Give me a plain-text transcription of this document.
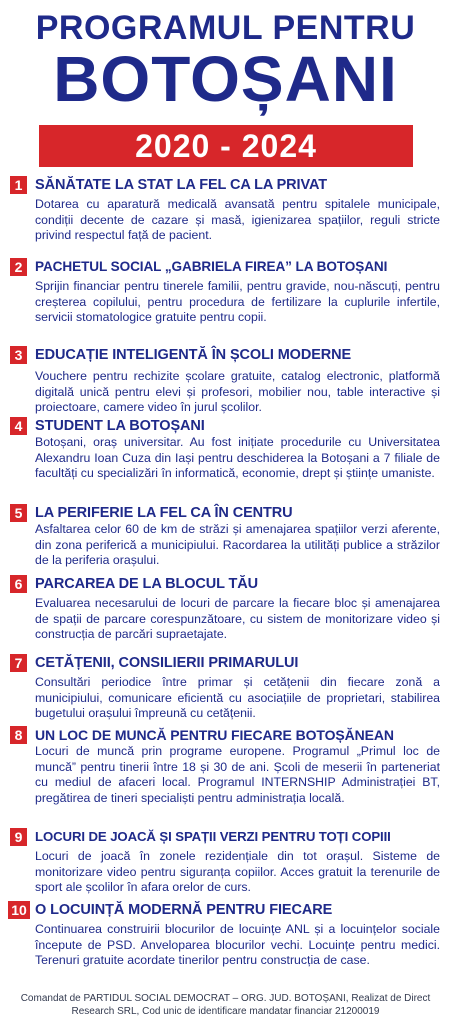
PROGRAMUL PENTRU
BOTOȘANI
2020 - 2024
1 SĂNĂTATE LA STAT LA FEL CA LA PRIVAT
Dotarea cu aparatură medicală avansată pentru spitalele municipale, condiții decente de cazare și masă, igienizarea spațiilor, reguli stricte privind respectul față de pacient.
2 PACHETUL SOCIAL „GABRIELA FIREA” LA BOTOȘANI
Sprijin financiar pentru tinerele familii, pentru gravide, nou-născuți, pentru creșterea copilului, pentru procedura de fertilizare la cuplurile infertile, servicii stomatologice gratuite pentru copii.
3 EDUCAȚIE INTELIGENTĂ ÎN ȘCOLI MODERNE
Vouchere pentru rechizite școlare gratuite, catalog electronic, platformă digitală unică pentru elevi și profesori, mobilier nou, table interactive și proiectoare, camere video în jurul școlilor.
4 STUDENT LA BOTOȘANI
Botoșani, oraș universitar. Au fost inițiate procedurile cu Universitatea Alexandru Ioan Cuza din Iași pentru deschiderea la Botoșani a 7 filiale de facultăți cu specializări în informatică, economie, drept și științe umaniste.
5 LA PERIFERIE LA FEL CA ÎN CENTRU
Asfaltarea celor 60 de km de străzi și amenajarea spațiilor verzi aferente, din zona periferică a municipiului. Racordarea la utilități publice a străzilor de la periferia orașului.
6 PARCAREA DE LA BLOCUL TĂU
Evaluarea necesarului de locuri de parcare la fiecare bloc și amenajarea de spații de parcare corespunzătoare, cu sistem de monitorizare video și construcția de parcări supraetajate.
7 CETĂȚENII, CONSILIERII PRIMARULUI
Consultări periodice între primar și cetățenii din fiecare zonă a municipiului, comunicare eficientă cu asociațiile de proprietari, stabilirea bugetului orașului împreună cu cetățenii.
8 UN LOC DE MUNCĂ PENTRU FIECARE BOTOȘĂNEAN
Locuri de muncă prin programe europene. Programul „Primul loc de muncă” pentru tinerii între 18 și 30 de ani. Școli de meserii în parteneriat cu mediul de afaceri local. Programul INTERNSHIP Administrației BT, pregătirea de tineri specialiști pentru administrația locală.
9 LOCURI DE JOACĂ ȘI SPAȚII VERZI PENTRU TOȚI COPIII
Locuri de joacă în zonele rezidențiale din tot orașul. Sisteme de monitorizare video pentru siguranța copiilor. Acces gratuit la terenurile de sport ale școlilor în afara orelor de curs.
10 O LOCUINȚĂ MODERNĂ PENTRU FIECARE
Continuarea construirii blocurilor de locuințe ANL și a locuințelor sociale începute de PSD. Anveloparea blocurilor vechi. Locuințe pentru medici. Terenuri gratuite acordate tinerilor pentru construcția de case.
Comandat de PARTIDUL SOCIAL DEMOCRAT – ORG. JUD. BOTOȘANI, Realizat de Direct Research SRL, Cod unic de identificare mandatar financiar 21200019
